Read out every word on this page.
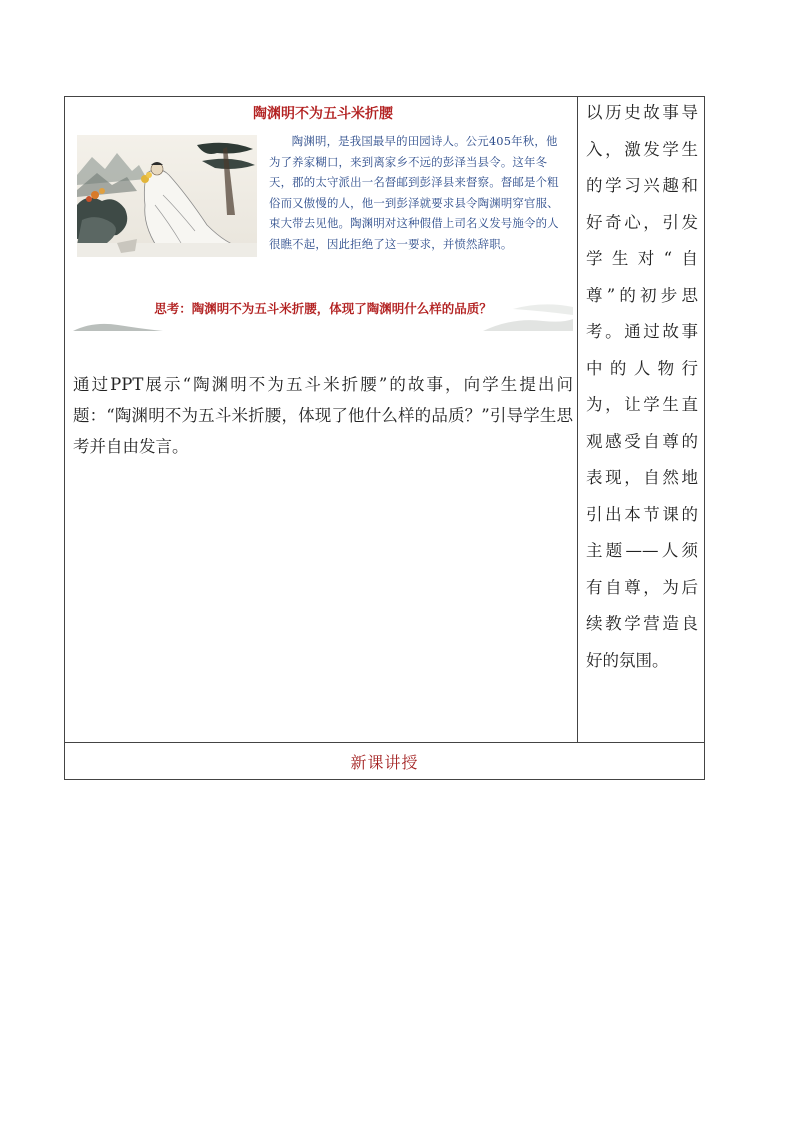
陶渊明不为五斗米折腰
陶渊明，是我国最早的田园诗人。公元405年秋，他为了养家糊口，来到离家乡不远的彭泽当县令。这年冬天，郡的太守派出一名督邮到彭泽县来督察。督邮是个粗俗而又傲慢的人，他一到彭泽就要求县令陶渊明穿官服、束大带去见他。陶渊明对这种假借上司名义发号施令的人很瞧不起，因此拒绝了这一要求，并愤然辞职。
思考：陶渊明不为五斗米折腰，体现了陶渊明什么样的品质？
通过PPT展示“陶渊明不为五斗米折腰”的故事，向学生提出问题：“陶渊明不为五斗米折腰，体现了他什么样的品质？”引导学生思考并自由发言。

以历史故事导入，激发学生的学习兴趣和好奇心，引发学生对“自尊”的初步思考。通过故事中的人物行为，让学生直观感受自尊的表现，自然地引出本节课的主题——人须有自尊，为后续教学营造良好的氛围。

新课讲授
